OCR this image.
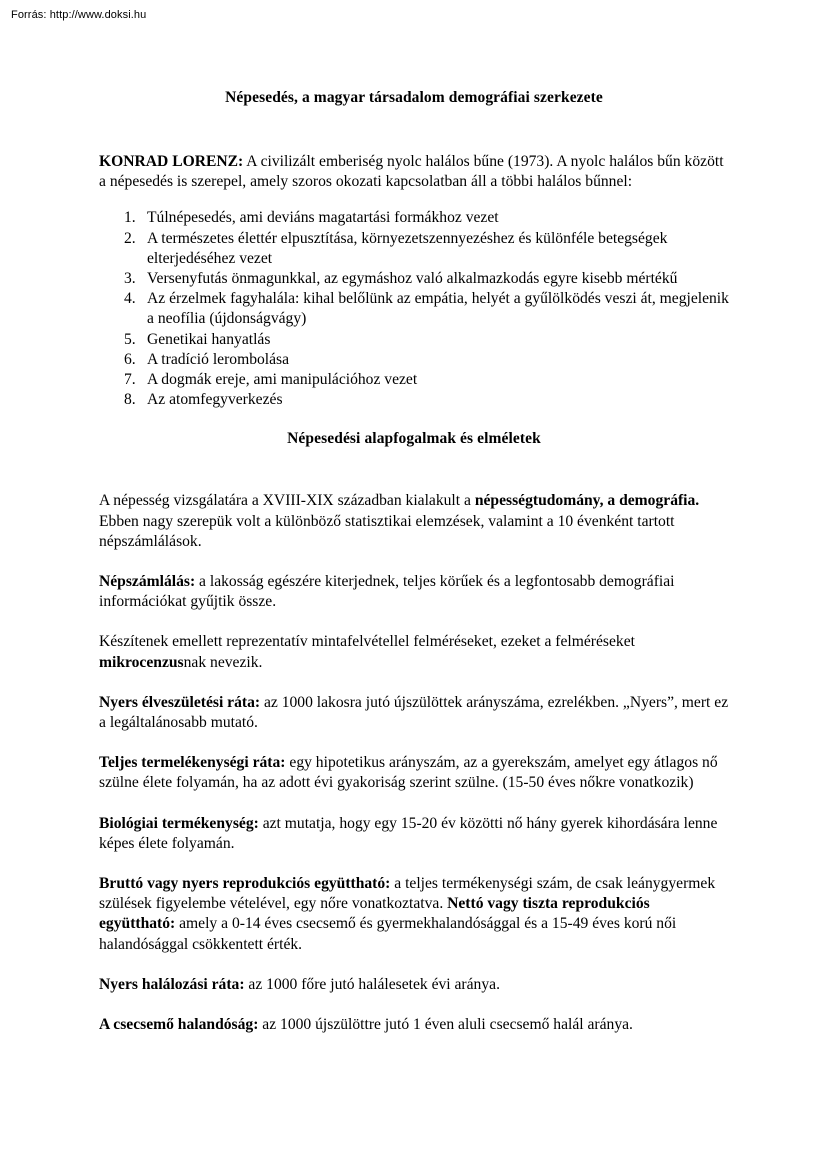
Forrás: http://www.doksi.hu
Népesedés, a magyar társadalom demográfiai szerkezete

KONRAD LORENZ: A civilizált emberiség nyolc halálos bűne (1973). A nyolc halálos bűn között a népesedés is szerepel, amely szoros okozati kapcsolatban áll a többi halálos bűnnel:

Túlnépesedés, ami deviáns magatartási formákhoz vezet
A természetes élettér elpusztítása, környezetszennyezéshez és különféle betegségek elterjedéséhez vezet
Versenyfutás önmagunkkal, az egymáshoz való alkalmazkodás egyre kisebb mértékű
Az érzelmek fagyhalála: kihal belőlünk az empátia, helyét a gyűlölködés veszi át, megjelenik a neofília (újdonságvágy)
Genetikai hanyatlás
A tradíció lerombolása
A dogmák ereje, ami manipulációhoz vezet
Az atomfegyverkezés
Népesedési alapfogalmak és elméletek

A népesség vizsgálatára a XVIII-XIX században kialakult a népességtudomány, a demográfia. Ebben nagy szerepük volt a különböző statisztikai elemzések, valamint a 10 évenként tartott népszámlálások.

Népszámlálás: a lakosság egészére kiterjednek, teljes körűek és a legfontosabb demográfiai információkat gyűjtik össze.

Készítenek emellett reprezentatív mintafelvétellel felméréseket, ezeket a felméréseket mikrocenzusnak nevezik.

Nyers élveszületési ráta: az 1000 lakosra jutó újszülöttek arányszáma, ezrelékben. „Nyers”, mert ez a legáltalánosabb mutató.

Teljes termelékenységi ráta: egy hipotetikus arányszám, az a gyerekszám, amelyet egy átlagos nő szülne élete folyamán, ha az adott évi gyakoriság szerint szülne. (15-50 éves nőkre vonatkozik)

Biológiai termékenység: azt mutatja, hogy egy 15-20 év közötti nő hány gyerek kihordására lenne képes élete folyamán.

Bruttó vagy nyers reprodukciós együttható: a teljes termékenységi szám, de csak leánygyermek szülések figyelembe vételével, egy nőre vonatkoztatva. Nettó vagy tiszta reprodukciós együttható: amely a 0-14 éves csecsemő és gyermekhalandósággal és a 15-49 éves korú női halandósággal csökkentett érték.

Nyers halálozási ráta: az 1000 főre jutó halálesetek évi aránya.

A csecsemő halandóság: az 1000 újszülöttre jutó 1 éven aluli csecsemő halál aránya.
